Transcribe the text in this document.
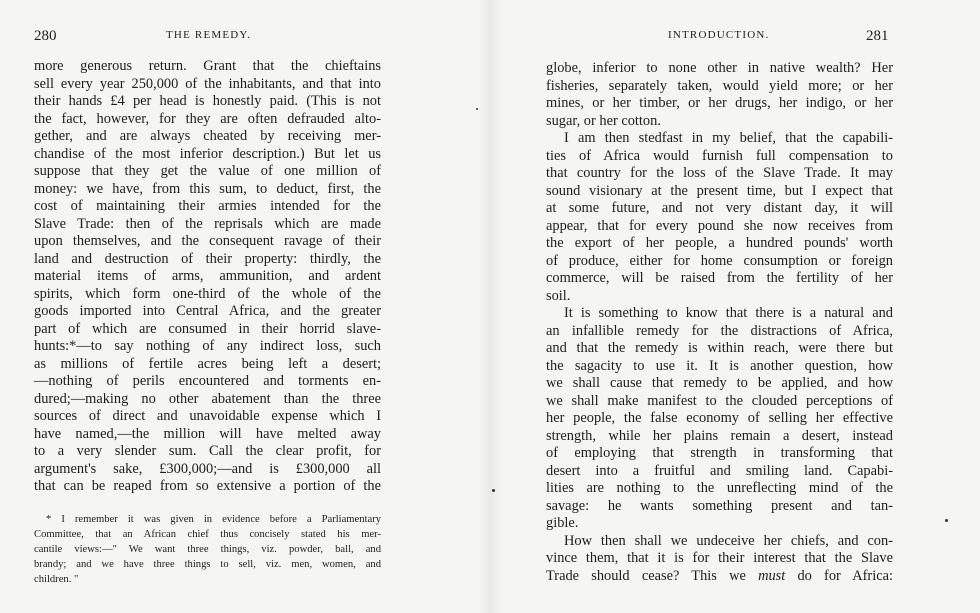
280	THE REMEDY.
more generous return. Grant that the chieftains
sell every year 250,000 of the inhabitants, and that into
their hands £4 per head is honestly paid. (This is not
the fact, however, for they are often defrauded alto-
gether, and are always cheated by receiving mer-
chandise of the most inferior description.) But let us
suppose that they get the value of one million of
money: we have, from this sum, to deduct, first, the
cost of maintaining their armies intended for the
Slave Trade: then of the reprisals which are made
upon themselves, and the consequent ravage of their
land and destruction of their property: thirdly, the
material items of arms, ammunition, and ardent
spirits, which form one-third of the whole of the
goods imported into Central Africa, and the greater
part of which are consumed in their horrid slave-
hunts:*—to say nothing of any indirect loss, such
as millions of fertile acres being left a desert;
—nothing of perils encountered and torments en-
dured;—making no other abatement than the three
sources of direct and unavoidable expense which I
have named,—the million will have melted away
to a very slender sum. Call the clear profit, for
argument's sake, £300,000;—and is £300,000 all
that can be reaped from so extensive a portion of the
* I remember it was given in evidence before a Parliamentary
Committee, that an African chief thus concisely stated his mer-
cantile views:—" We want three things, viz. powder, ball, and
brandy; and we have three things to sell, viz. men, women, and
children. "
INTRODUCTION.	281
globe, inferior to none other in native wealth? Her
fisheries, separately taken, would yield more; or her
mines, or her timber, or her drugs, her indigo, or her
sugar, or her cotton.
I am then stedfast in my belief, that the capabili-
ties of Africa would furnish full compensation to
that country for the loss of the Slave Trade. It may
sound visionary at the present time, but I expect that
at some future, and not very distant day, it will
appear, that for every pound she now receives from
the export of her people, a hundred pounds' worth
of produce, either for home consumption or foreign
commerce, will be raised from the fertility of her
soil.
It is something to know that there is a natural and
an infallible remedy for the distractions of Africa,
and that the remedy is within reach, were there but
the sagacity to use it. It is another question, how
we shall cause that remedy to be applied, and how
we shall make manifest to the clouded perceptions of
her people, the false economy of selling her effective
strength, while her plains remain a desert, instead
of employing that strength in transforming that
desert into a fruitful and smiling land. Capabi-
lities are nothing to the unreflecting mind of the
savage: he wants something present and tan-
gible.
How then shall we undeceive her chiefs, and con-
vince them, that it is for their interest that the Slave
Trade should cease? This we must do for Africa:
